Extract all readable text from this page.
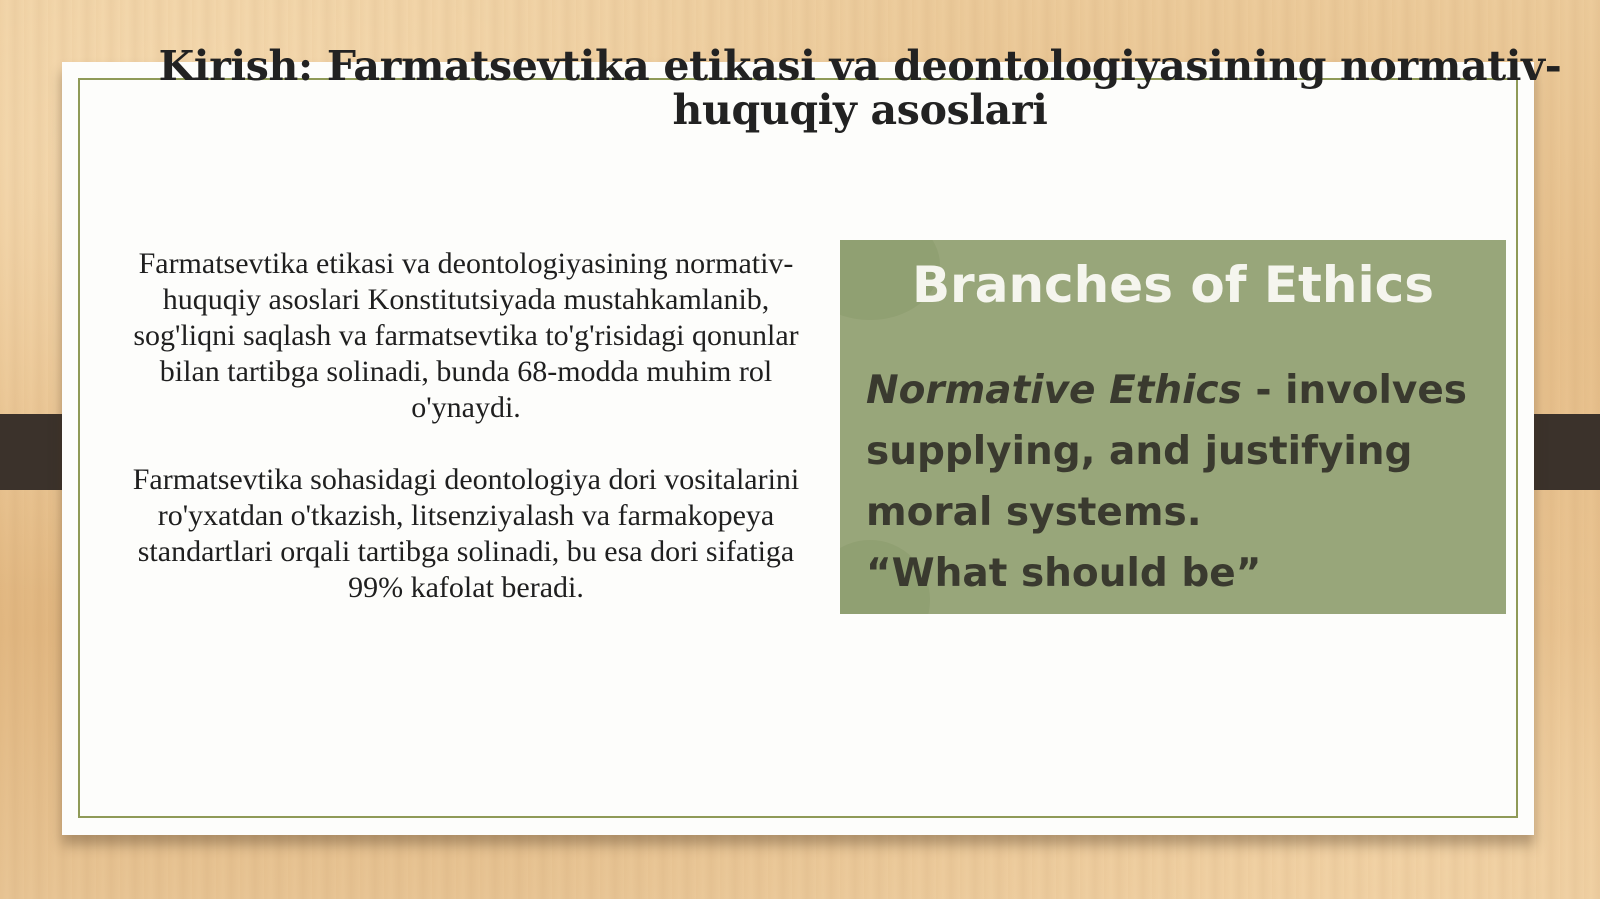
Kirish: Farmatsevtika etikasi va deontologiyasining normativ-huquqiy asoslari

Farmatsevtika etikasi va deontologiyasining normativ-huquqiy asoslari Konstitutsiyada mustahkamlanib, sog'liqni saqlash va farmatsevtika to'g'risidagi qonunlar bilan tartibga solinadi, bunda 68-modda muhim rol o'ynaydi.

Farmatsevtika sohasidagi deontologiya dori vositalarini ro'yxatdan o'tkazish, litsenziyalash va farmakopeya standartlari orqali tartibga solinadi, bu esa dori sifatiga 99% kafolat beradi.

Branches of Ethics
Normative Ethics - involves supplying, and justifying moral systems.
“What should be”
